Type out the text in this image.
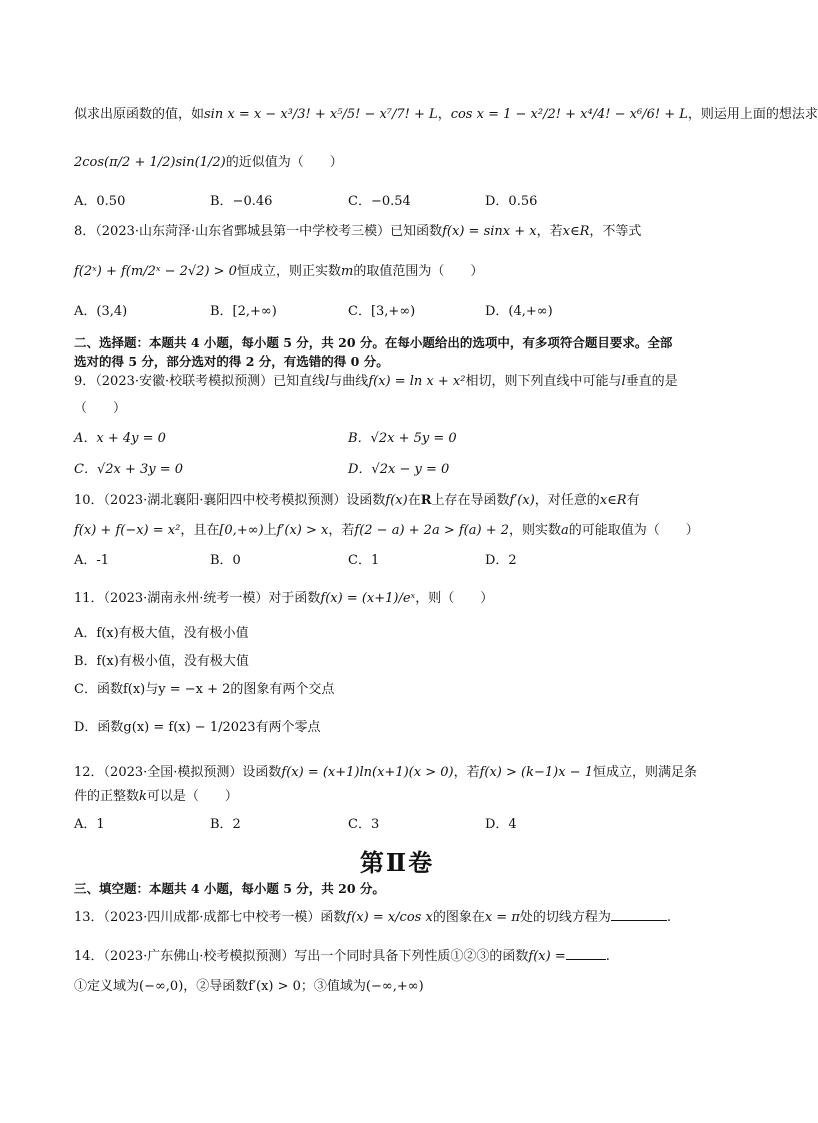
似求出原函数的值，如sin x = x − x³/3! + x⁵/5! − x⁷/7! + L，cos x = 1 − x²/2! + x⁴/4! − x⁶/6! + L，则运用上面的想法求
2cos(π/2 + 1/2)sin(1/2)的近似值为（　　）
A．0.50	B．−0.46	C．−0.54	D．0.56
8．（2023·山东菏泽·山东省鄄城县第一中学校考三模）已知函数f(x) = sinx + x，若x∈R，不等式
f(2ˣ) + f(m/2ˣ − 2√2) > 0恒成立，则正实数m的取值范围为（　　）
A．(3,4)	B．[2,+∞)	C．[3,+∞)	D．(4,+∞)
二、选择题：本题共 4 小题，每小题 5 分，共 20 分。在每小题给出的选项中，有多项符合题目要求。全部
选对的得 5 分，部分选对的得 2 分，有选错的得 0 分。
9．（2023·安徽·校联考模拟预测）已知直线l与曲线f(x) = ln x + x²相切，则下列直线中可能与l垂直的是
（　　）
A．x + 4y = 0	B．√2x + 5y = 0
C．√2x + 3y = 0	D．√2x − y = 0
10．（2023·湖北襄阳·襄阳四中校考模拟预测）设函数f(x)在R上存在导函数f′(x)，对任意的x∈R有
f(x) + f(−x) = x²，且在[0,+∞)上f′(x) > x，若f(2 − a) + 2a > f(a) + 2，则实数a的可能取值为（　　）
A．-1	B．0	C．1	D．2
11．（2023·湖南永州·统考一模）对于函数f(x) = (x+1)/eˣ，则（　　）
A．f(x)有极大值，没有极小值
B．f(x)有极小值，没有极大值
C．函数f(x)与y = −x + 2的图象有两个交点
D．函数g(x) = f(x) − 1/2023有两个零点
12．（2023·全国·模拟预测）设函数f(x) = (x+1)ln(x+1)(x > 0)，若f(x) > (k−1)x − 1恒成立，则满足条
件的正整数k可以是（　　）
A．1	B．2	C．3	D．4
第Ⅱ卷
三、填空题：本题共 4 小题，每小题 5 分，共 20 分。
13．（2023·四川成都·成都七中校考一模）函数f(x) = x/cos x的图象在x = π处的切线方程为	.
14．（2023·广东佛山·校考模拟预测）写出一个同时具备下列性质①②③的函数f(x) =	.
①定义域为(−∞,0)，②导函数f′(x) > 0；③值域为(−∞,+∞)
